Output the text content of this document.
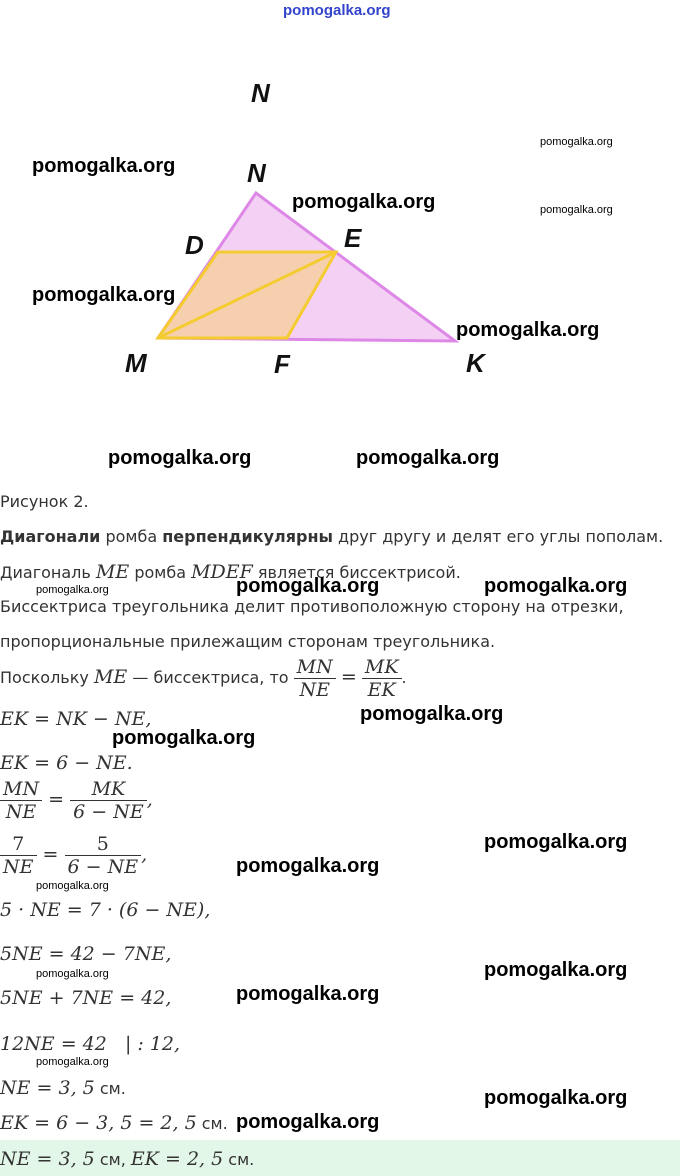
pomogalka.org
N
N
D	E
M	F	K
pomogalka.org
pomogalka.org
pomogalka.org	pomogalka.org
pomogalka.org
pomogalka.org
pomogalka.org	pomogalka.org
Рисунок 2.
Диагонали ромба перпендикулярны друг другу и делят его углы пополам.
Диагональ ME ромба MDEF является биссектрисой.
Биссектриса треугольника делит противоположную сторону на отрезки,
пропорциональные прилежащим сторонам треугольника.
Поскольку ME — биссектриса, то $\frac{MN}{NE} = \frac{MK}{EK}$ .
pomogalka.org	pomogalka.org	pomogalka.org
EK = NK − NE,	pomogalka.org
pomogalka.org
EK = 6 − NE.
$\frac{MN}{NE} = \frac{MK}{6 - NE}$ ,
$\frac{7}{NE} = \frac{5}{6 - NE}$ ,
pomogalka.org
pomogalka.org
pomogalka.org
5 · NE = 7 · (6 − NE),
5NE = 42 − 7NE,
pomogalka.org	pomogalka.org
5NE + 7NE = 42,	pomogalka.org
12NE = 42   | : 12,
pomogalka.org
NE = 3, 5 см.	pomogalka.org
EK = 6 − 3, 5 = 2, 5 см. pomogalka.org
NE = 3, 5 см, EK = 2, 5 см.
